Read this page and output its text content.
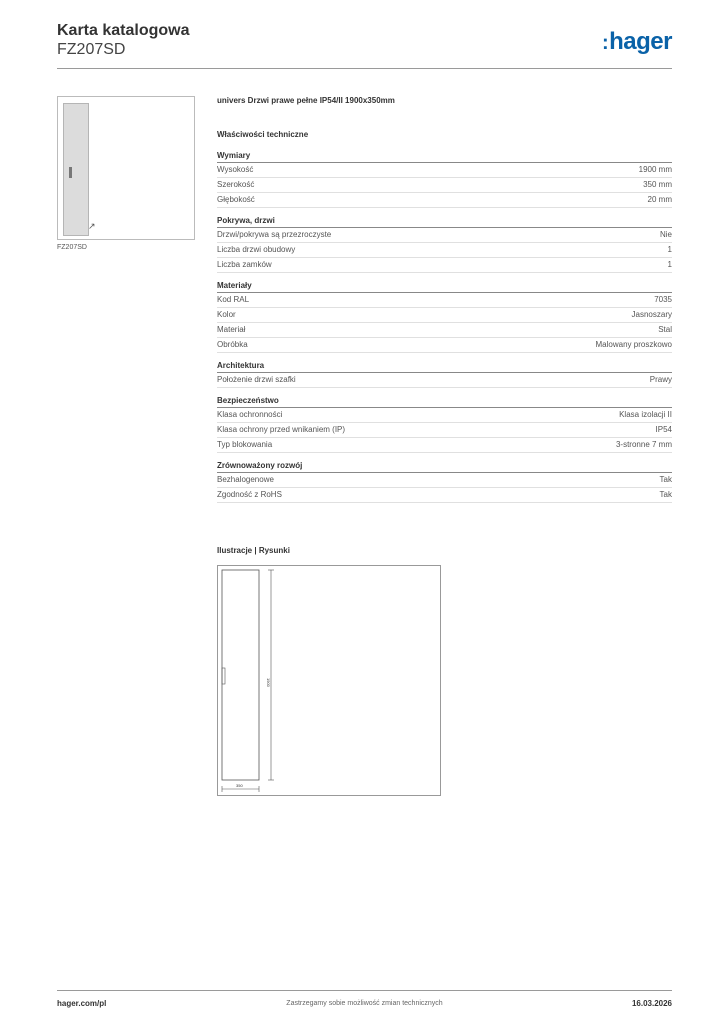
Karta katalogowa
FZ207SD	:hager
↗
FZ207SD
univers Drzwi prawe pełne IP54/II 1900x350mm
Właściwości techniczne
Wymiary
Wysokość	1900 mm
Szerokość	350 mm
Głębokość	20 mm
Pokrywa, drzwi
Drzwi/pokrywa są przezroczyste	Nie
Liczba drzwi obudowy	1
Liczba zamków	1
Materiały
Kod RAL	7035
Kolor	Jasnoszary
Materiał	Stal
Obróbka	Malowany proszkowo
Architektura
Położenie drzwi szafki	Prawy
Bezpieczeństwo
Klasa ochronności	Klasa izolacji II
Klasa ochrony przed wnikaniem (IP)	IP54
Typ blokowania	3-stronne 7 mm
Zrównoważony rozwój
Bezhalogenowe	Tak
Zgodność z RoHS	Tak
Ilustracje | Rysunki
1900
350
hager.com/pl	Zastrzegamy sobie możliwość zmian technicznych	16.03.2026
